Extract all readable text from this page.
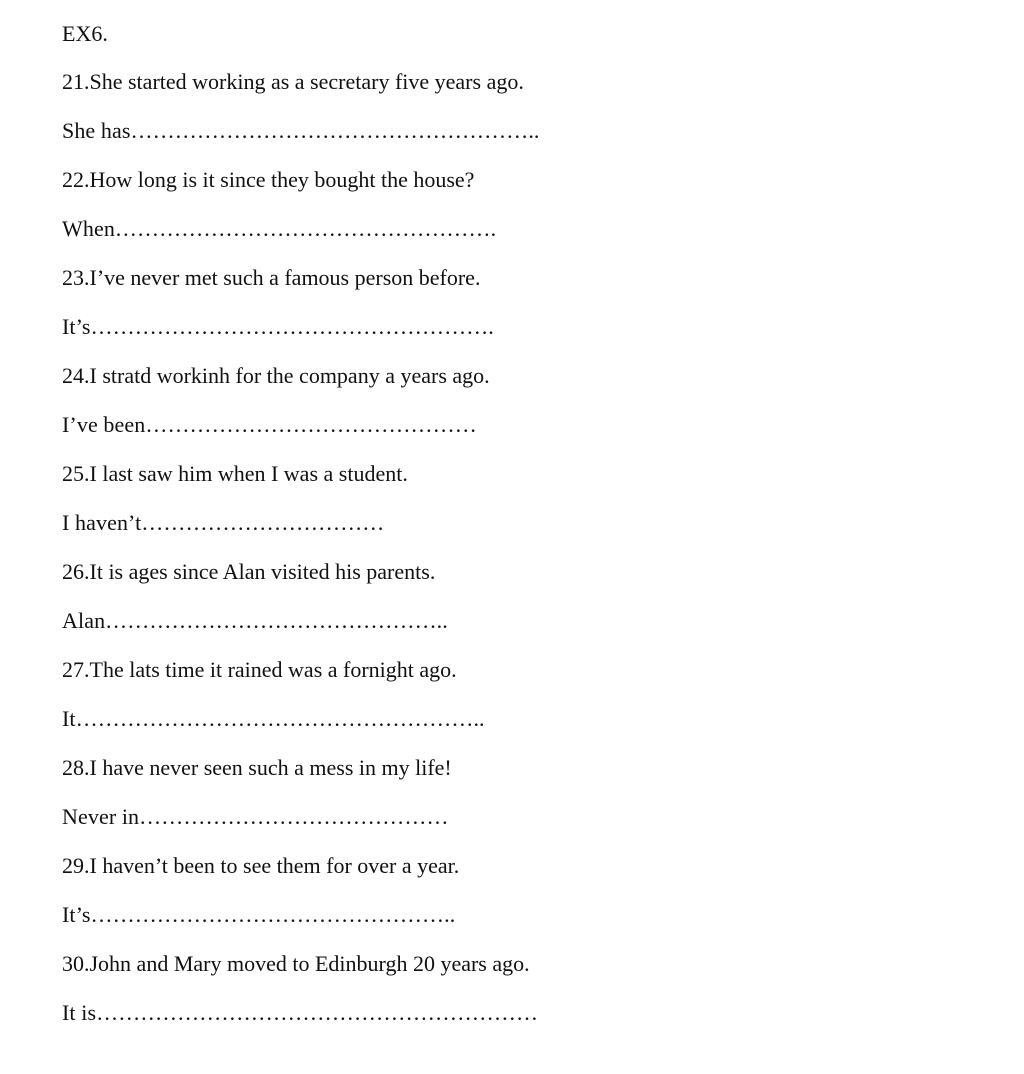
EX6.
21.She started working as a secretary five years ago.
She has………………………………………………..
22.How long is it since they bought the house?
When…………………………………………….
23.I’ve never met such a famous person before.
It’s……………………………………………….
24.I stratd workinh for the company a years ago.
I’ve been………………………………………
25.I last saw him when I was a student.
I haven’t……………………………
26.It is ages since Alan visited his parents.
Alan………………………………………..
27.The lats time it rained was a fornight ago.
It………………………………………………..
28.I have never seen such a mess in my life!
Never in……………………………………
29.I haven’t been to see them for over a year.
It’s…………………………………………..
30.John and Mary moved to Edinburgh 20 years ago.
It is……………………………………………………
